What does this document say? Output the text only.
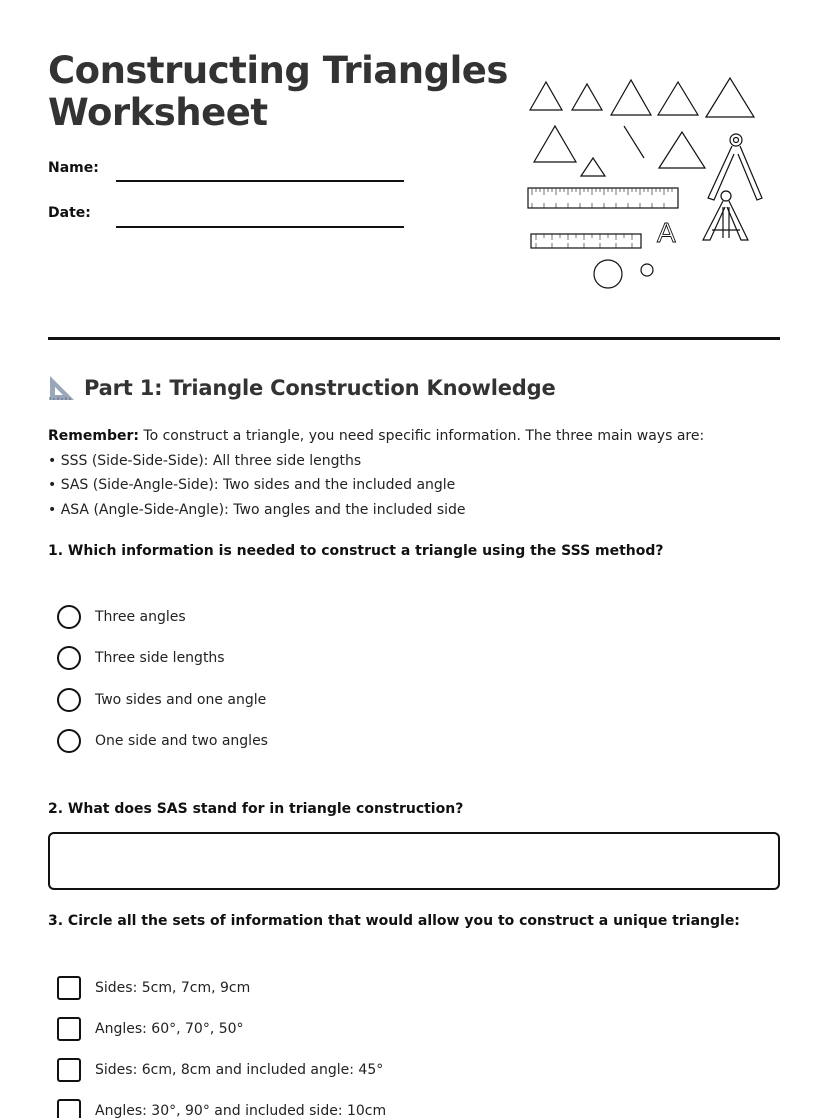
Constructing Triangles
Worksheet
Name:
Date:
A
Part 1: Triangle Construction Knowledge
Remember: To construct a triangle, you need specific information. The three main ways are:
• SSS (Side-Side-Side): All three side lengths
• SAS (Side-Angle-Side): Two sides and the included angle
• ASA (Angle-Side-Angle): Two angles and the included side
1. Which information is needed to construct a triangle using the SSS method?
Three angles
Three side lengths
Two sides and one angle
One side and two angles
2. What does SAS stand for in triangle construction?
3. Circle all the sets of information that would allow you to construct a unique triangle:
Sides: 5cm, 7cm, 9cm
Angles: 60°, 70°, 50°
Sides: 6cm, 8cm and included angle: 45°
Angles: 30°, 90° and included side: 10cm
